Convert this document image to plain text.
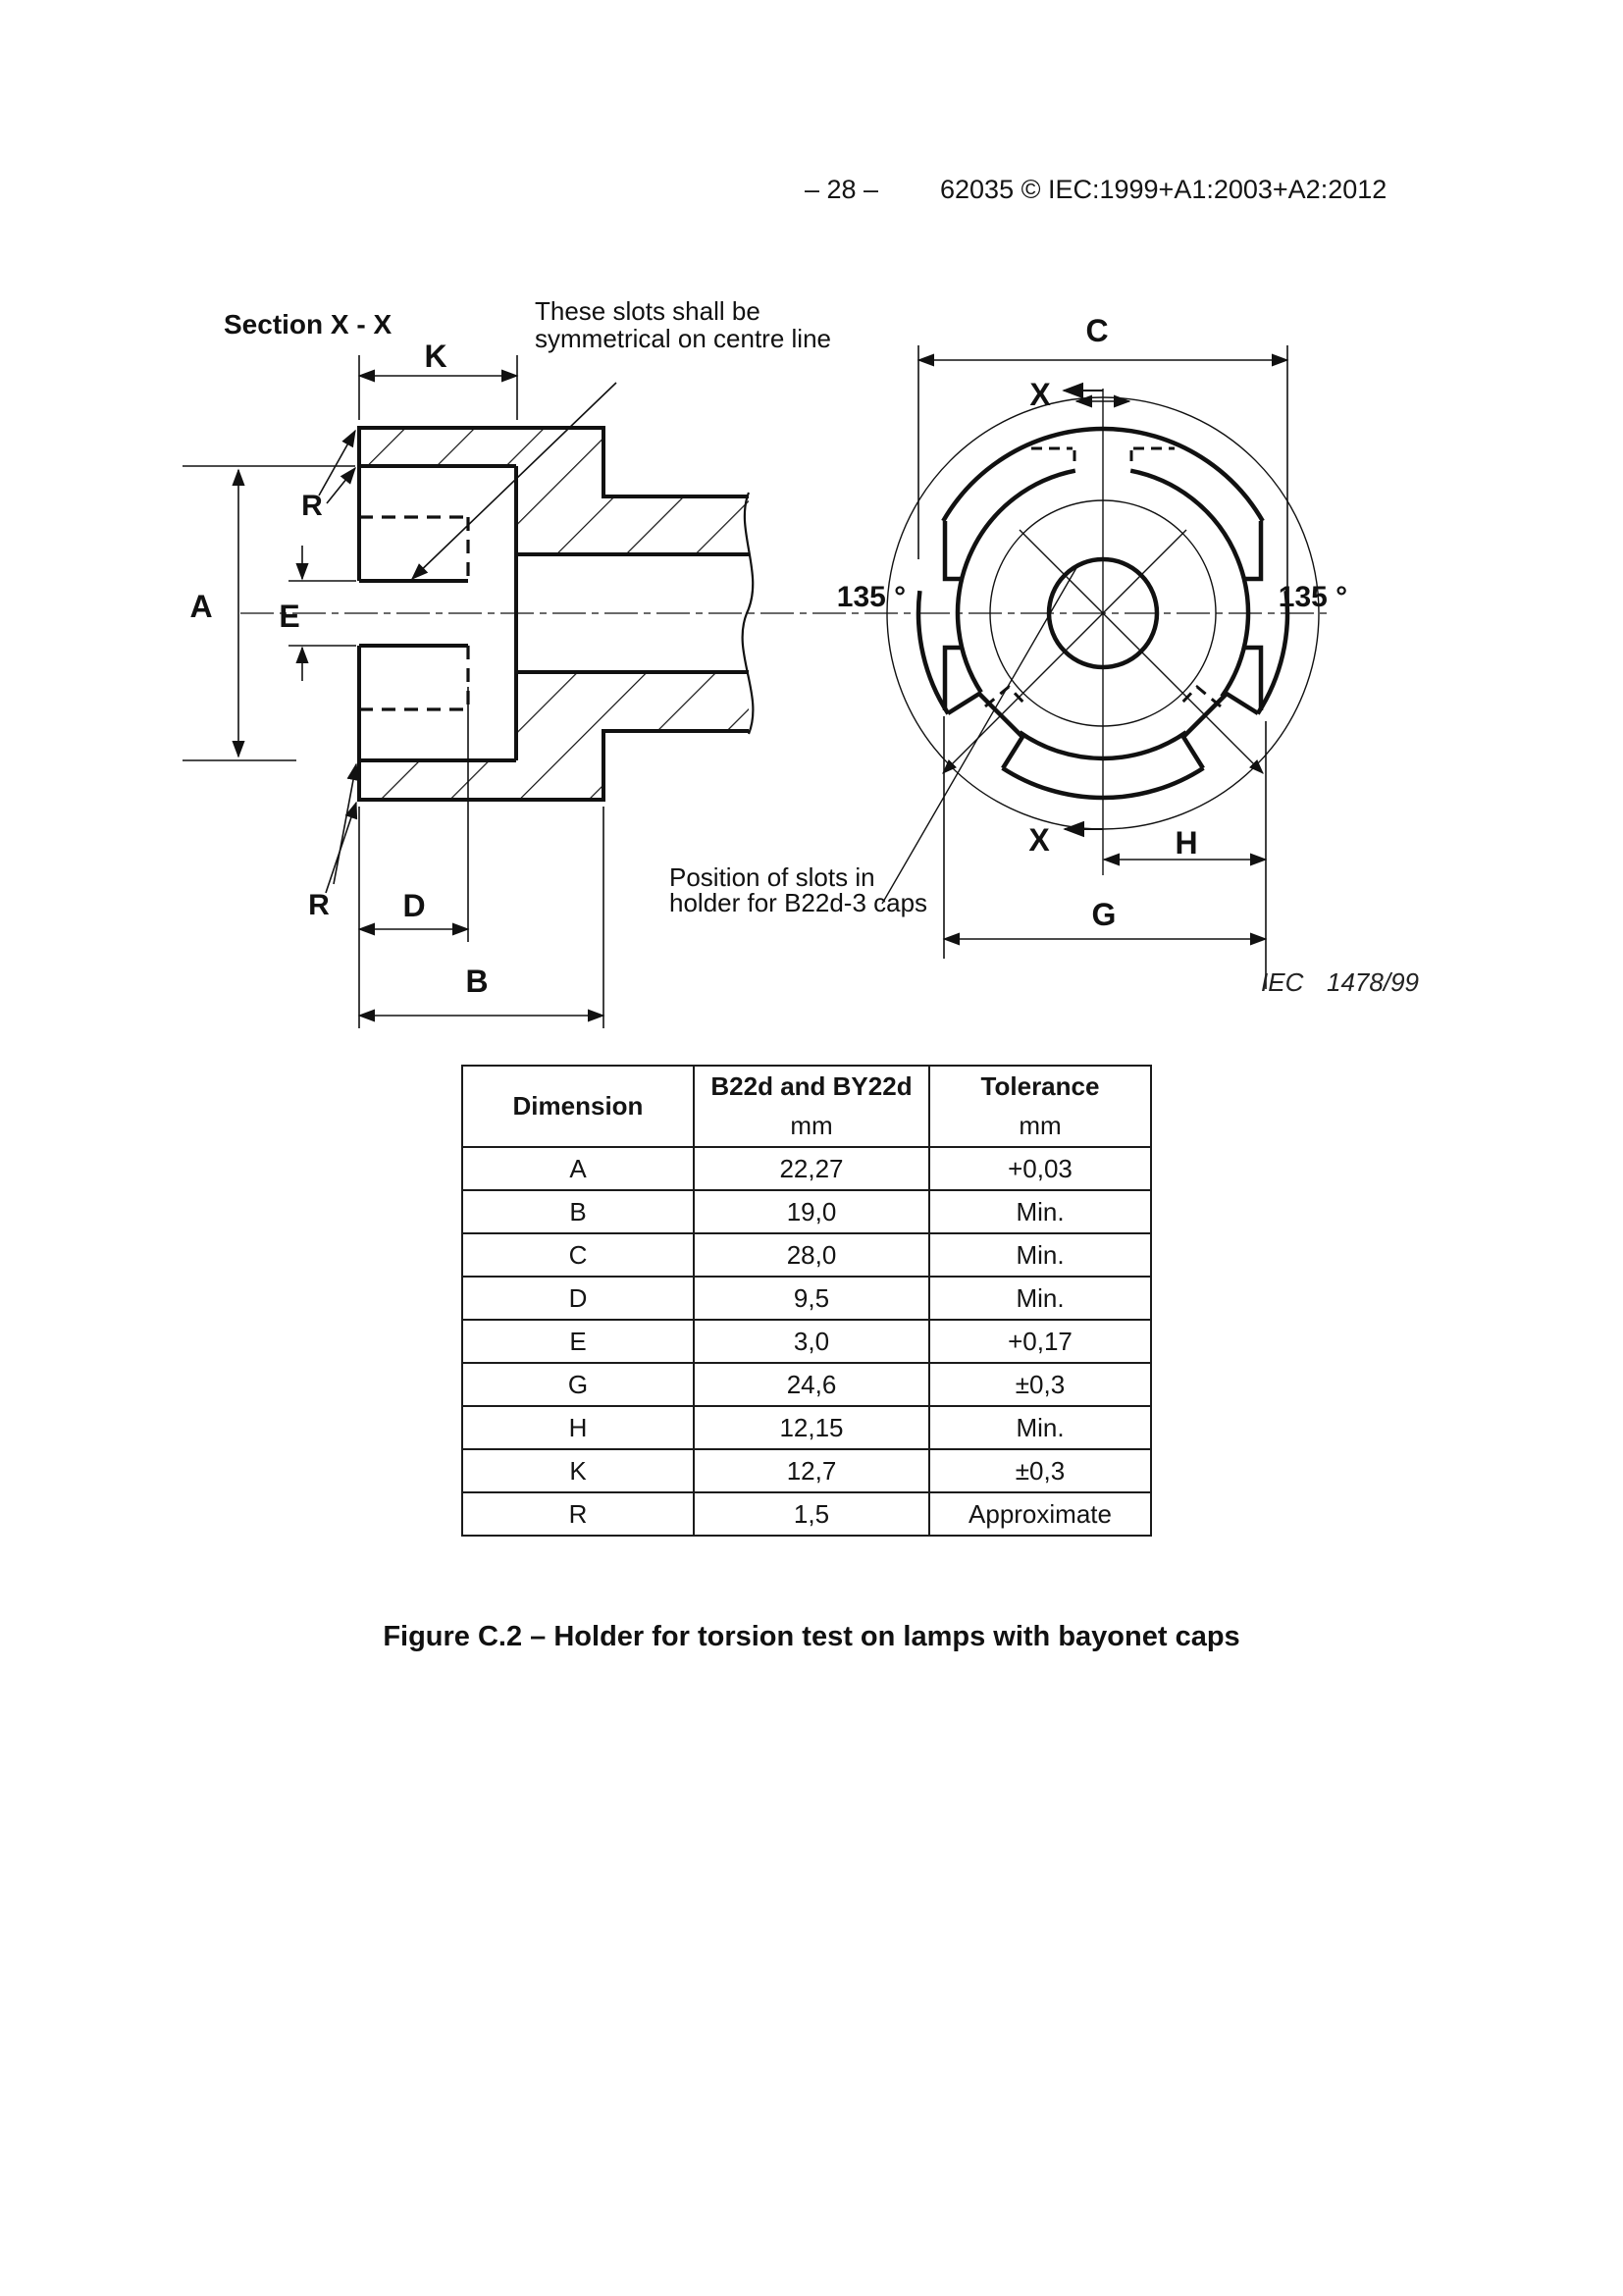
– 28 – 62035 © IEC:1999+A1:2003+A2:2012
Section X - X	These slots shall be
symmetrical on centre line
Position of slots in
holder for B22d-3 caps
K
A E
R
R D
B
C
X
X	H
G
135 °	135 °
IEC 1478/99
Dimension

B22d and BY22d
mm

Tolerance
mm

A	22,27	+0,03
B	19,0	Min.
C	28,0	Min.
D	9,5	Min.
E	3,0	+0,17
G	24,6	±0,3
H	12,15	Min.
K	12,7	±0,3
R	1,5	Approximate
Figure C.2 – Holder for torsion test on lamps with bayonet caps
